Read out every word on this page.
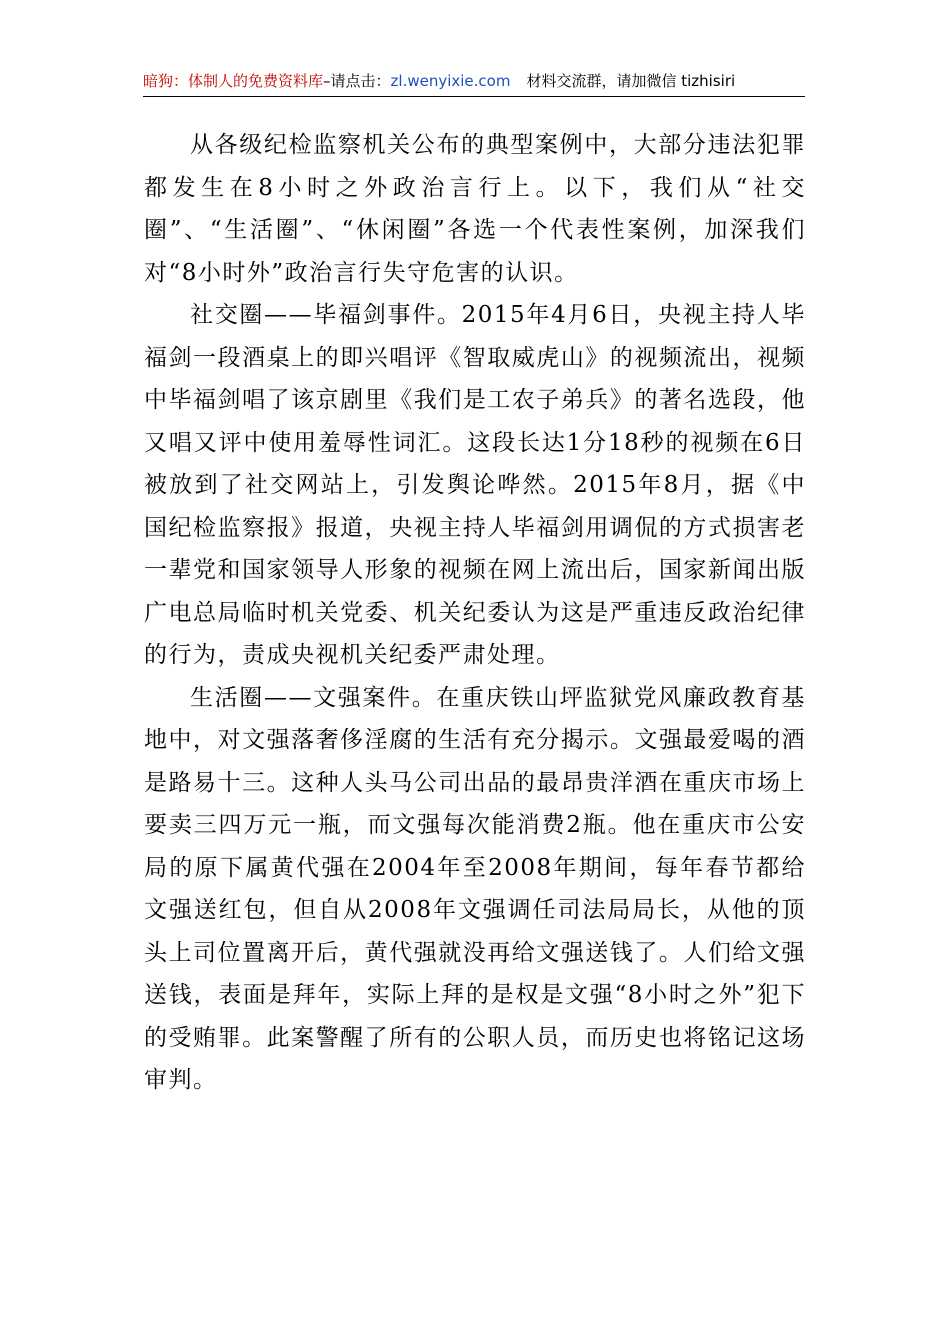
暗狗：体制人的免费资料库–请点击：zl.wenyixie.com 材料交流群，请加微信 tizhisiri

从各级纪检监察机关公布的典型案例中，大部分违法犯罪都发生在8小时之外政治言行上。以下，我们从“社交圈”、“生活圈”、“休闲圈”各选一个代表性案例，加深我们对“8小时外”政治言行失守危害的认识。

社交圈——毕福剑事件。2015年4月6日，央视主持人毕福剑一段酒桌上的即兴唱评《智取威虎山》的视频流出，视频中毕福剑唱了该京剧里《我们是工农子弟兵》的著名选段，他又唱又评中使用羞辱性词汇。这段长达1分18秒的视频在6日被放到了社交网站上，引发舆论哗然。2015年8月，据《中国纪检监察报》报道，央视主持人毕福剑用调侃的方式损害老一辈党和国家领导人形象的视频在网上流出后，国家新闻出版广电总局临时机关党委、机关纪委认为这是严重违反政治纪律的行为，责成央视机关纪委严肃处理。

生活圈——文强案件。在重庆铁山坪监狱党风廉政教育基地中，对文强落奢侈淫腐的生活有充分揭示。文强最爱喝的酒是路易十三。这种人头马公司出品的最昂贵洋酒在重庆市场上要卖三四万元一瓶，而文强每次能消费2瓶。他在重庆市公安局的原下属黄代强在2004年至2008年期间，每年春节都给文强送红包，但自从2008年文强调任司法局局长，从他的顶头上司位置离开后，黄代强就没再给文强送钱了。人们给文强送钱，表面是拜年，实际上拜的是权是文强“8小时之外”犯下的受贿罪。此案警醒了所有的公职人员，而历史也将铭记这场审判。
